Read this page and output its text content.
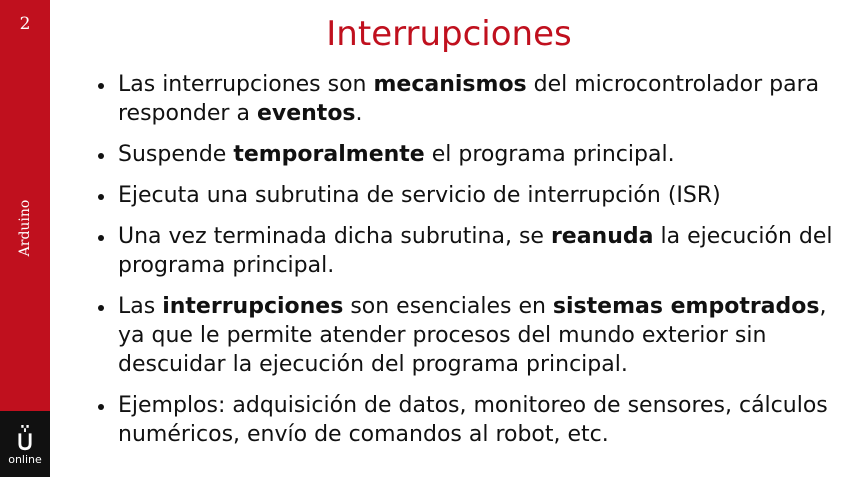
2
Arduino
online
Interrupciones
Las interrupciones son mecanismos del microcontrolador para responder a eventos.
Suspende temporalmente el programa principal.
Ejecuta una subrutina de servicio de interrupción (ISR)
Una vez terminada dicha subrutina, se reanuda la ejecución del programa principal.
Las interrupciones son esenciales en sistemas empotrados, ya que le permite atender procesos del mundo exterior sin descuidar la ejecución del programa principal.
Ejemplos: adquisición de datos, monitoreo de sensores, cálculos numéricos, envío de comandos al robot, etc.
